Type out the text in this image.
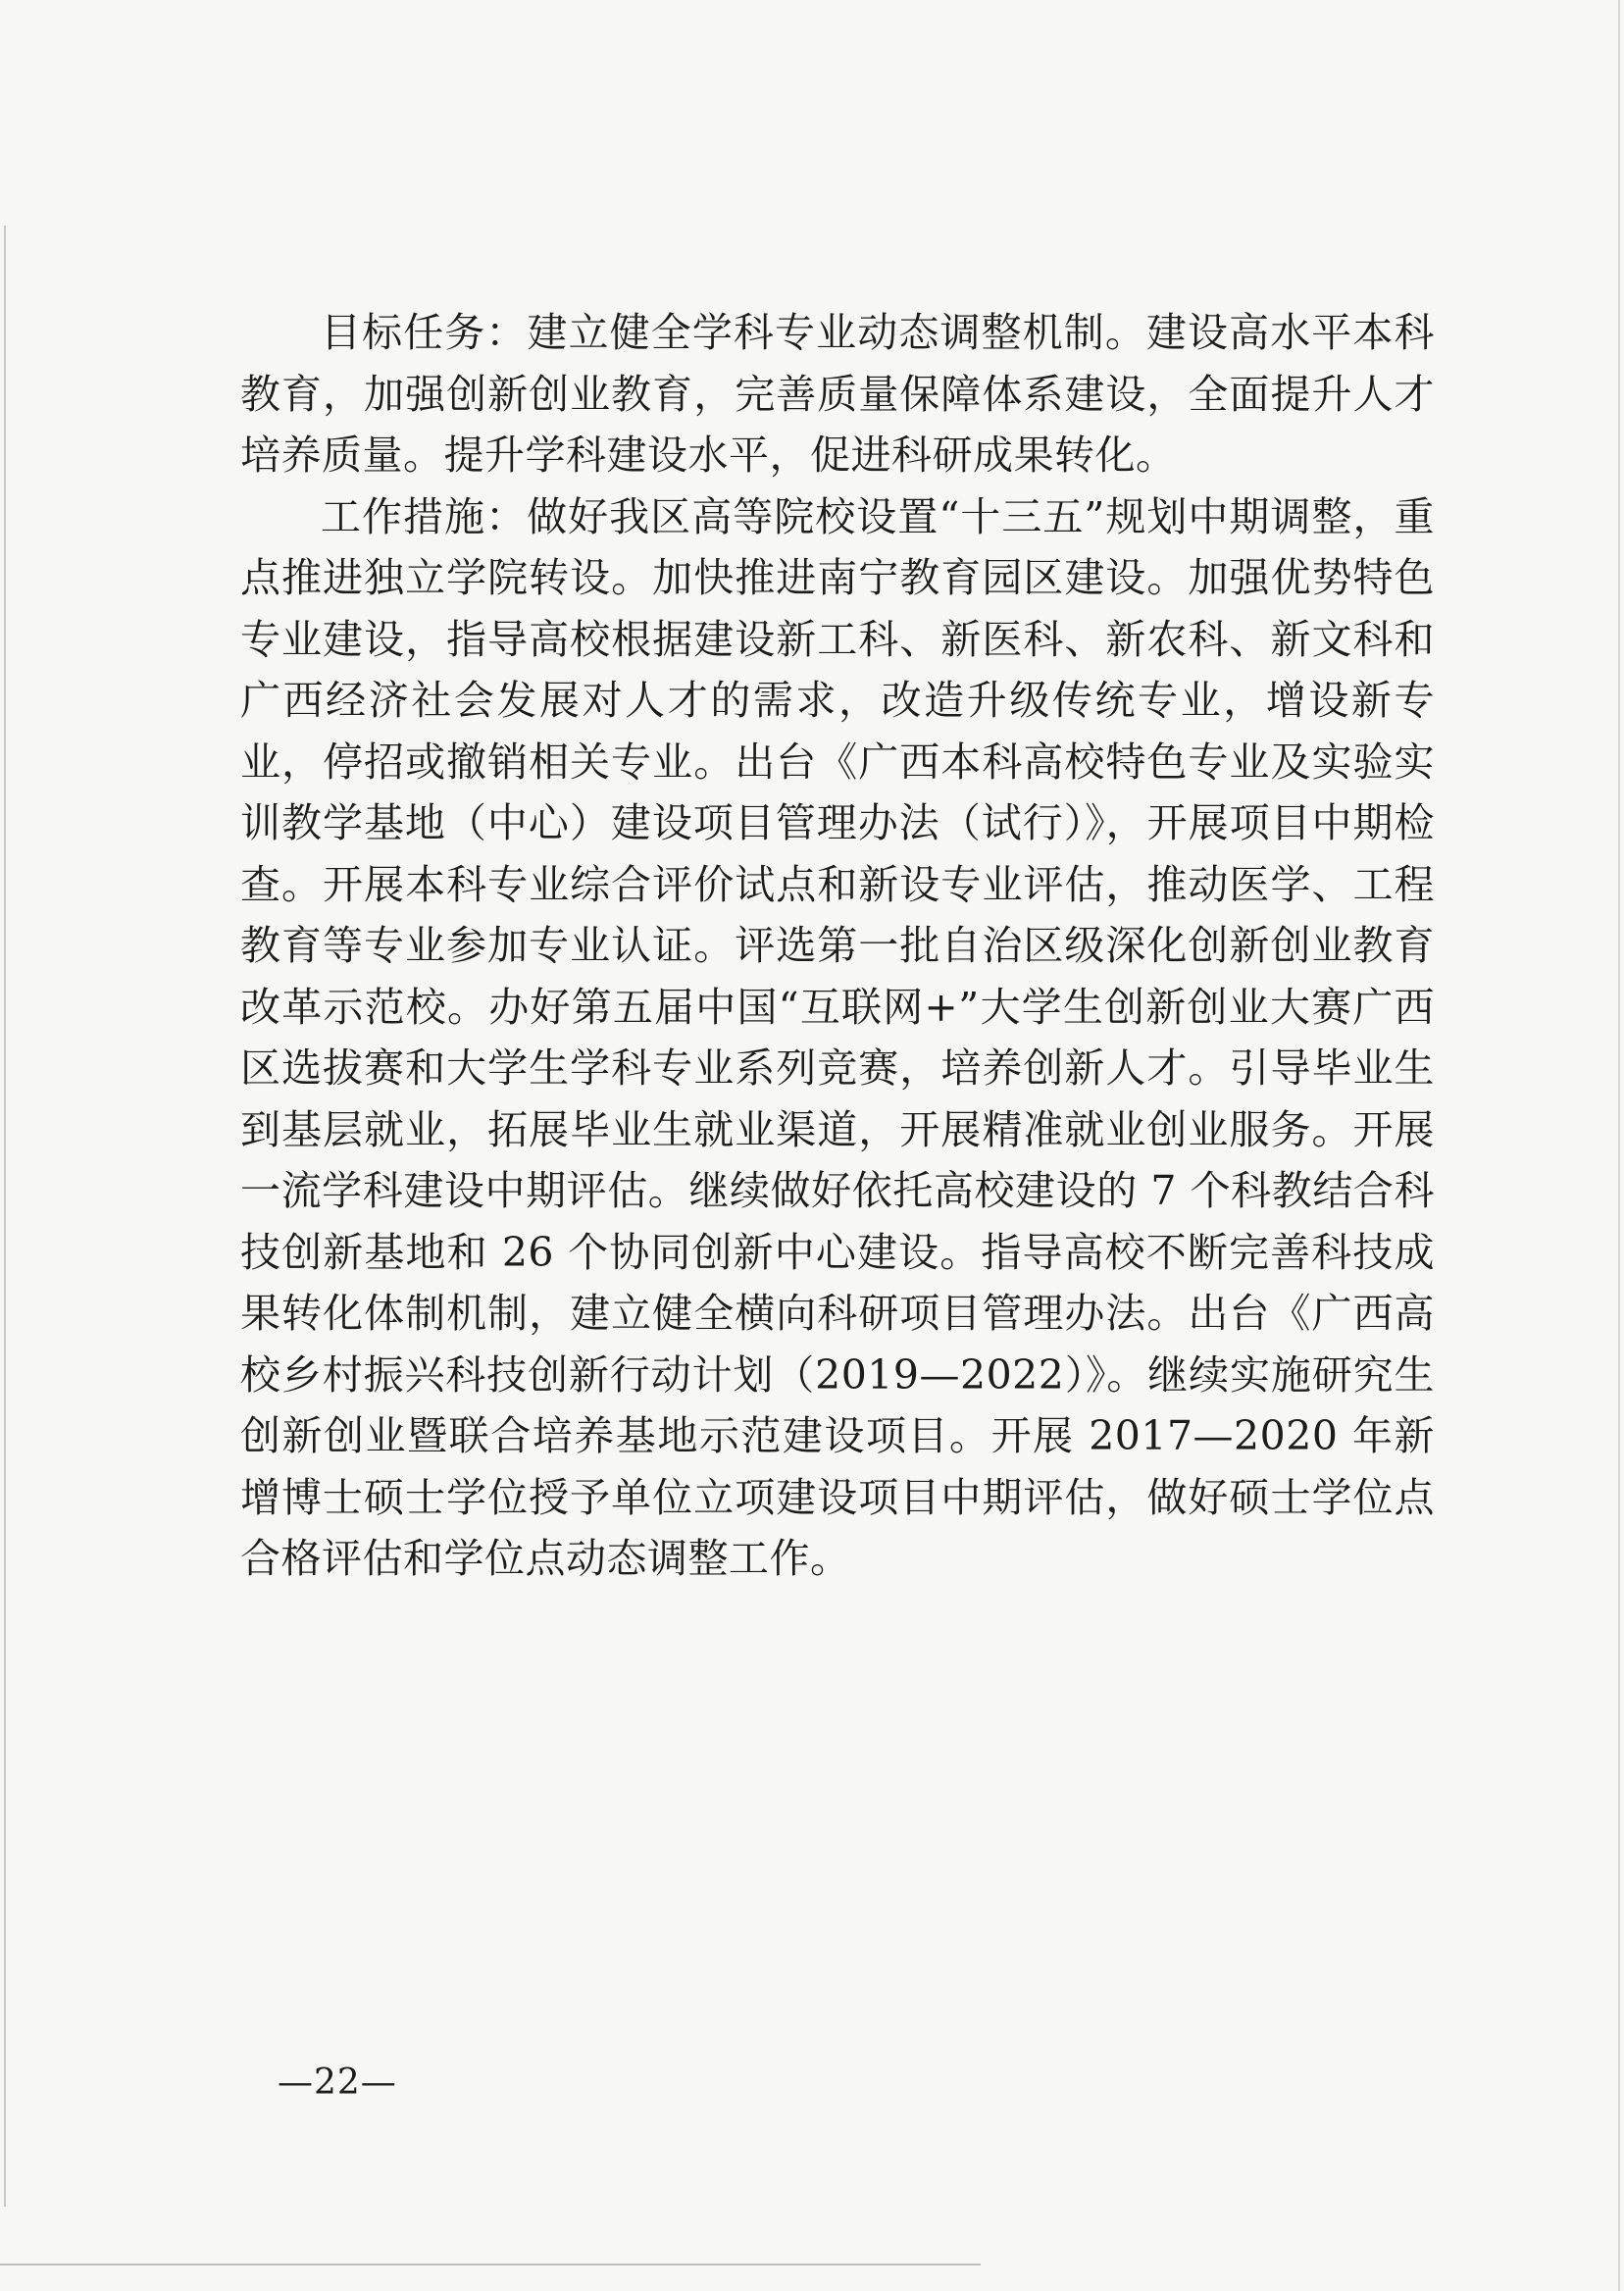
目标任务：建立健全学科专业动态调整机制。建设高水平本科教育，加强创新创业教育，完善质量保障体系建设，全面提升人才培养质量。提升学科建设水平，促进科研成果转化。

工作措施：做好我区高等院校设置“十三五”规划中期调整，重点推进独立学院转设。加快推进南宁教育园区建设。加强优势特色专业建设，指导高校根据建设新工科、新医科、新农科、新文科和广西经济社会发展对人才的需求，改造升级传统专业，增设新专业，停招或撤销相关专业。出台《广西本科高校特色专业及实验实训教学基地（中心）建设项目管理办法（试行）》，开展项目中期检查。开展本科专业综合评价试点和新设专业评估，推动医学、工程教育等专业参加专业认证。评选第一批自治区级深化创新创业教育改革示范校。办好第五届中国“互联网+”大学生创新创业大赛广西区选拔赛和大学生学科专业系列竞赛，培养创新人才。引导毕业生到基层就业，拓展毕业生就业渠道，开展精准就业创业服务。开展一流学科建设中期评估。继续做好依托高校建设的 7 个科教结合科技创新基地和 26 个协同创新中心建设。指导高校不断完善科技成果转化体制机制，建立健全横向科研项目管理办法。出台《广西高校乡村振兴科技创新行动计划（2019—2022）》。继续实施研究生创新创业暨联合培养基地示范建设项目。开展 2017—2020 年新增博士硕士学位授予单位立项建设项目中期评估，做好硕士学位点合格评估和学位点动态调整工作。

—22—
